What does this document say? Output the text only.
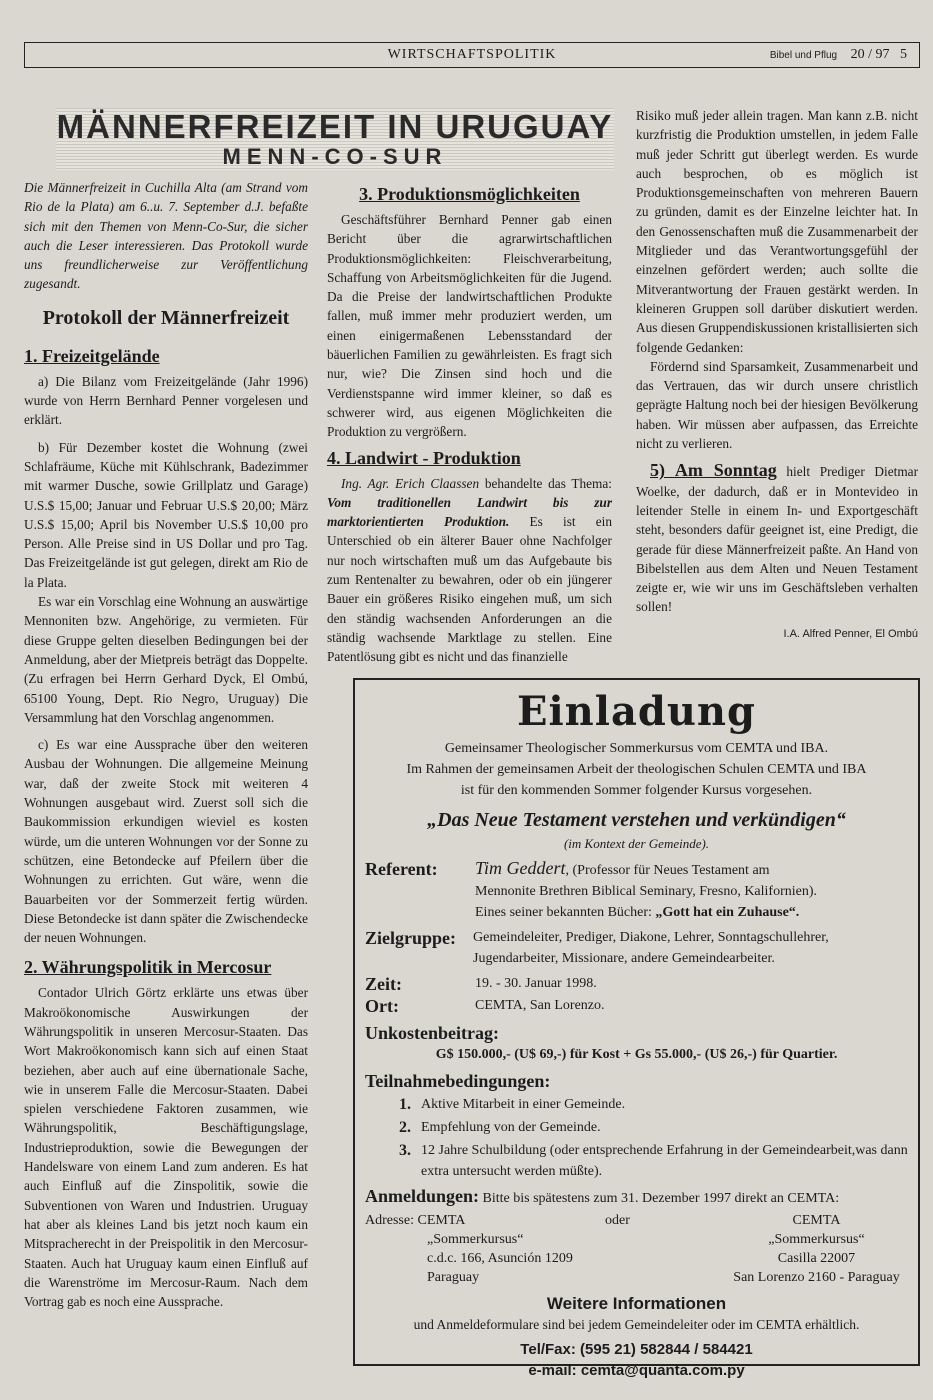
WIRTSCHAFTSPOLITIK	Bibel und Pflug 20 / 97 5
MÄNNERFREIZEIT IN URUGUAY
MENN-CO-SUR

Die Männerfreizeit in Cuchilla Alta (am Strand vom Rio de la Plata) am 6..u. 7. September d.J. befaßte sich mit den Themen von Menn-Co-Sur, die sicher auch die Leser interessieren. Das Protokoll wurde uns freundlicherweise zur Veröffentlichung zugesandt.

Protokoll der Männerfreizeit
1. Freizeitgelände

a) Die Bilanz vom Freizeitgelände (Jahr 1996) wurde von Herrn Bernhard Penner vorgelesen und erklärt.

b) Für Dezember kostet die Wohnung (zwei Schlafräume, Küche mit Kühlschrank, Badezimmer mit warmer Dusche, sowie Grillplatz und Garage) U.S.$ 15,00; Januar und Februar U.S.$ 20,00; März U.S.$ 15,00; April bis November U.S.$ 10,00 pro Person. Alle Preise sind in US Dollar und pro Tag. Das Freizeitgelände ist gut gelegen, direkt am Rio de la Plata.

Es war ein Vorschlag eine Wohnung an auswärtige Mennoniten bzw. Angehörige, zu vermieten. Für diese Gruppe gelten dieselben Bedingungen bei der Anmeldung, aber der Mietpreis beträgt das Doppelte. (Zu erfragen bei Herrn Gerhard Dyck, El Ombú, 65100 Young, Dept. Rio Negro, Uruguay) Die Versammlung hat den Vorschlag angenommen.

c) Es war eine Aussprache über den weiteren Ausbau der Wohnungen. Die allgemeine Meinung war, daß der zweite Stock mit weiteren 4 Wohnungen ausgebaut wird. Zuerst soll sich die Baukommission erkundigen wieviel es kosten würde, um die unteren Wohnungen vor der Sonne zu schützen, eine Betondecke auf Pfeilern über die Wohnungen zu errichten. Gut wäre, wenn die Bauarbeiten vor der Sommerzeit fertig würden. Diese Betondecke ist dann später die Zwischendecke der neuen Wohnungen.

2. Währungspolitik in Mercosur

Contador Ulrich Görtz erklärte uns etwas über Makroökonomische Auswirkungen der Währungspolitik in unseren Mercosur-Staaten. Das Wort Makroökonomisch kann sich auf einen Staat beziehen, aber auch auf eine übernationale Sache, wie in unserem Falle die Mercosur-Staaten. Dabei spielen verschiedene Faktoren zusammen, wie Währungspolitik, Beschäftigungslage, Industrieproduktion, sowie die Bewegungen der Handelsware von einem Land zum anderen. Es hat auch Einfluß auf die Zinspolitik, sowie die Subventionen von Waren und Industrien. Uruguay hat aber als kleines Land bis jetzt noch kaum ein Mitspracherecht in der Preispolitik in den Mercosur-Staaten. Auch hat Uruguay kaum einen Einfluß auf die Warenströme im Mercosur-Raum. Nach dem Vortrag gab es noch eine Aussprache.

3. Produktionsmöglichkeiten

Geschäftsführer Bernhard Penner gab einen Bericht über die agrarwirtschaftlichen Produktionsmöglichkeiten: Fleischverarbeitung, Schaffung von Arbeitsmöglichkeiten für die Jugend. Da die Preise der landwirtschaftlichen Produkte fallen, muß immer mehr produziert werden, um einen einigermaßenen Lebensstandard der bäuerlichen Familien zu gewährleisten. Es fragt sich nur, wie? Die Zinsen sind hoch und die Verdienstspanne wird immer kleiner, so daß es schwerer wird, aus eigenen Möglichkeiten die Produktion zu vergrößern.

4. Landwirt - Produktion

Ing. Agr. Erich Claassen behandelte das Thema: Vom traditionellen Landwirt bis zur marktorientierten Produktion. Es ist ein Unterschied ob ein älterer Bauer ohne Nachfolger nur noch wirtschaften muß um das Aufgebaute bis zum Rentenalter zu bewahren, oder ob ein jüngerer Bauer ein größeres Risiko eingehen muß, um sich den ständig wachsenden Anforderungen an die ständig wachsende Marktlage zu stellen. Eine Patentlösung gibt es nicht und das finanzielle

Risiko muß jeder allein tragen. Man kann z.B. nicht kurzfristig die Produktion umstellen, in jedem Falle muß jeder Schritt gut überlegt werden. Es wurde auch besprochen, ob es möglich ist Produktionsgemeinschaften von mehreren Bauern zu gründen, damit es der Einzelne leichter hat. In den Genossenschaften muß die Zusammenarbeit der Mitglieder und das Verantwortungsgefühl der einzelnen gefördert werden; auch sollte die Mitverantwortung der Frauen gestärkt werden. In kleineren Gruppen soll darüber diskutiert werden. Aus diesen Gruppendiskussionen kristallisierten sich folgende Gedanken:

Fördernd sind Sparsamkeit, Zusammenarbeit und das Vertrauen, das wir durch unsere christlich geprägte Haltung noch bei der hiesigen Bevölkerung haben. Wir müssen aber aufpassen, das Erreichte nicht zu verlieren.

5) Am Sonntag hielt Prediger Dietmar Woelke, der dadurch, daß er in Montevideo in leitender Stelle in einem In- und Exportgeschäft steht, besonders dafür geeignet ist, eine Predigt, die gerade für diese Männerfreizeit paßte. An Hand von Bibelstellen aus dem Alten und Neuen Testament zeigte er, wie wir uns im Geschäftsleben verhalten sollen!

I.A. Alfred Penner, El Ombú
Einladung
Gemeinsamer Theologischer Sommerkursus vom CEMTA und IBA.
Im Rahmen der gemeinsamen Arbeit der theologischen Schulen CEMTA und IBA
ist für den kommenden Sommer folgender Kursus vorgesehen.
„Das Neue Testament verstehen und verkündigen“
(im Kontext der Gemeinde).
Referent:	Tim Geddert, (Professor für Neues Testament am
Mennonite Brethren Biblical Seminary, Fresno, Kalifornien).
Eines seiner bekannten Bücher: „Gott hat ein Zuhause“.
Zielgruppe:	Gemeindeleiter, Prediger, Diakone, Lehrer, Sonntagschullehrer,
Jugendarbeiter, Missionare, andere Gemeindearbeiter.
Zeit:	19. - 30. Januar 1998.
Ort:	CEMTA, San Lorenzo.
Unkostenbeitrag:
G$ 150.000,- (U$ 69,-) für Kost + Gs 55.000,- (U$ 26,-) für Quartier.
Teilnahmebedingungen:
1. Aktive Mitarbeit in einer Gemeinde.
2. Empfehlung von der Gemeinde.
3. 12 Jahre Schulbildung (oder entsprechende Erfahrung in der Gemeindearbeit,was dann extra untersucht werden müßte).
Anmeldungen: Bitte bis spätestens zum 31. Dezember 1997 direkt an CEMTA:
Adresse: CEMTA
„Sommerkursus“
c.d.c. 166, Asunción 1209
Paraguay
oder	CEMTA
„Sommerkursus“
Casilla 22007
San Lorenzo 2160 - Paraguay
Weitere Informationen
und Anmeldeformulare sind bei jedem Gemeindeleiter oder im CEMTA erhältlich.
Tel/Fax: (595 21) 582844 / 584421
e-mail: cemta@quanta.com.py
